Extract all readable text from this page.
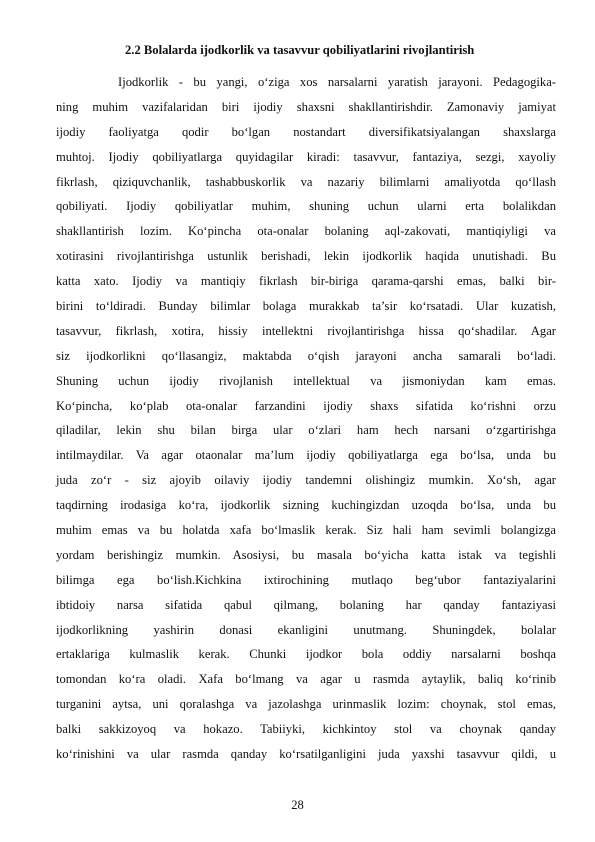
2.2 Bolalarda ijodkorlik va tasavvur qobiliyatlarini rivojlantirish
Ijodkorlik - bu yangi, o‘ziga xos narsalarni yaratish jarayoni. Pedagogika-
ning muhim vazifalaridan biri ijodiy shaxsni shakllantirishdir. Zamonaviy jamiyat
ijodiy faoliyatga qodir bo‘lgan nostandart diversifikatsiyalangan shaxslarga
muhtoj. Ijodiy qobiliyatlarga quyidagilar kiradi: tasavvur, fantaziya, sezgi, xayoliy
fikrlash, qiziquvchanlik, tashabbuskorlik va nazariy bilimlarni amaliyotda qo‘llash
qobiliyati. Ijodiy qobiliyatlar muhim, shuning uchun ularni erta bolalikdan
shakllantirish lozim. Ko‘pincha ota-onalar bolaning aql-zakovati, mantiqiyligi va
xotirasini rivojlantirishga ustunlik berishadi, lekin ijodkorlik haqida unutishadi. Bu
katta xato. Ijodiy va mantiqiy fikrlash bir-biriga qarama-qarshi emas, balki bir-
birini to‘ldiradi. Bunday bilimlar bolaga murakkab ta’sir ko‘rsatadi. Ular kuzatish,
tasavvur, fikrlash, xotira, hissiy intellektni rivojlantirishga hissa qo‘shadilar. Agar
siz ijodkorlikni qo‘llasangiz, maktabda o‘qish jarayoni ancha samarali bo‘ladi.
Shuning uchun ijodiy rivojlanish intellektual va jismoniydan kam emas.
Ko‘pincha, ko‘plab ota-onalar farzandini ijodiy shaxs sifatida ko‘rishni orzu
qiladilar, lekin shu bilan birga ular o‘zlari ham hech narsani o‘zgartirishga
intilmaydilar. Va agar otaonalar ma’lum ijodiy qobiliyatlarga ega bo‘lsa, unda bu
juda zo‘r - siz ajoyib oilaviy ijodiy tandemni olishingiz mumkin. Xo‘sh, agar
taqdirning irodasiga ko‘ra, ijodkorlik sizning kuchingizdan uzoqda bo‘lsa, unda bu
muhim emas va bu holatda xafa bo‘lmaslik kerak. Siz hali ham sevimli bolangizga
yordam berishingiz mumkin. Asosiysi, bu masala bo‘yicha katta istak va tegishli
bilimga ega bo‘lish.Kichkina ixtirochining mutlaqo beg‘ubor fantaziyalarini
ibtidoiy narsa sifatida qabul qilmang, bolaning har qanday fantaziyasi
ijodkorlikning yashirin donasi ekanligini unutmang. Shuningdek, bolalar
ertaklariga kulmaslik kerak. Chunki ijodkor bola oddiy narsalarni boshqa
tomondan ko‘ra oladi. Xafa bo‘lmang va agar u rasmda aytaylik, baliq ko‘rinib
turganini aytsa, uni qoralashga va jazolashga urinmaslik lozim: choynak, stol emas,
balki sakkizoyoq va hokazo. Tabiiyki, kichkintoy stol va choynak qanday
ko‘rinishini va ular rasmda qanday ko‘rsatilganligini juda yaxshi tasavvur qildi, u
28
